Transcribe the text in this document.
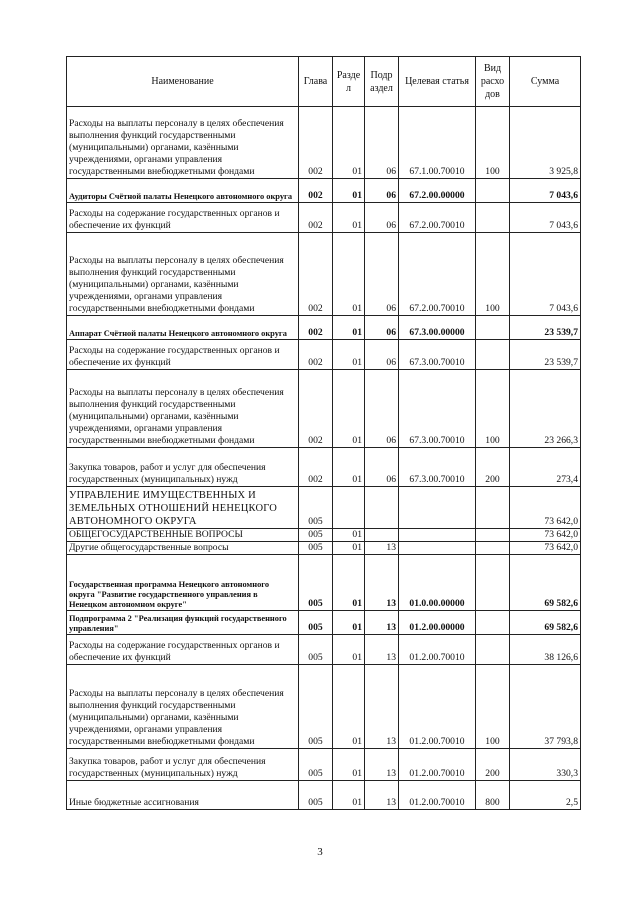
Наименование	Глава	Разде л	Подр аздел	Целевая статья	Вид расхо дов	Сумма
Расходы на выплаты персоналу в целях обеспечения выполнения функций государственными (муниципальными) органами, казёнными учреждениями, органами управления государственными внебюджетными фондами	002	01	06	67.1.00.70010	100	3 925,8
Аудиторы Счётной палаты Ненецкого автономного округа	002	01	06	67.2.00.00000		7 043,6
Расходы на содержание государственных органов и обеспечение их функций	002	01	06	67.2.00.70010		7 043,6
Расходы на выплаты персоналу в целях обеспечения выполнения функций государственными (муниципальными) органами, казёнными учреждениями, органами управления государственными внебюджетными фондами	002	01	06	67.2.00.70010	100	7 043,6
Аппарат Счётной палаты Ненецкого автономного округа	002	01	06	67.3.00.00000		23 539,7
Расходы на содержание государственных органов и обеспечение их функций	002	01	06	67.3.00.70010		23 539,7
Расходы на выплаты персоналу в целях обеспечения выполнения функций государственными (муниципальными) органами, казёнными учреждениями, органами управления государственными внебюджетными фондами	002	01	06	67.3.00.70010	100	23 266,3
Закупка товаров, работ и услуг для обеспечения государственных (муниципальных) нужд	002	01	06	67.3.00.70010	200	273,4
УПРАВЛЕНИЕ ИМУЩЕСТВЕННЫХ И ЗЕМЕЛЬНЫХ ОТНОШЕНИЙ НЕНЕЦКОГО АВТОНОМНОГО ОКРУГА	005					73 642,0
ОБЩЕГОСУДАРСТВЕННЫЕ ВОПРОСЫ	005	01				73 642,0
Другие общегосударственные вопросы	005	01	13			73 642,0
Государственная программа Ненецкого автономного округа "Развитие государственного управления в Ненецком автономном округе"	005	01	13	01.0.00.00000		69 582,6
Подпрограмма 2 "Реализация функций государственного управления"	005	01	13	01.2.00.00000		69 582,6
Расходы на содержание государственных органов и обеспечение их функций	005	01	13	01.2.00.70010		38 126,6
Расходы на выплаты персоналу в целях обеспечения выполнения функций государственными (муниципальными) органами, казёнными учреждениями, органами управления государственными внебюджетными фондами	005	01	13	01.2.00.70010	100	37 793,8
Закупка товаров, работ и услуг для обеспечения государственных (муниципальных) нужд	005	01	13	01.2.00.70010	200	330,3
Иные бюджетные ассигнования	005	01	13	01.2.00.70010	800	2,5
3
